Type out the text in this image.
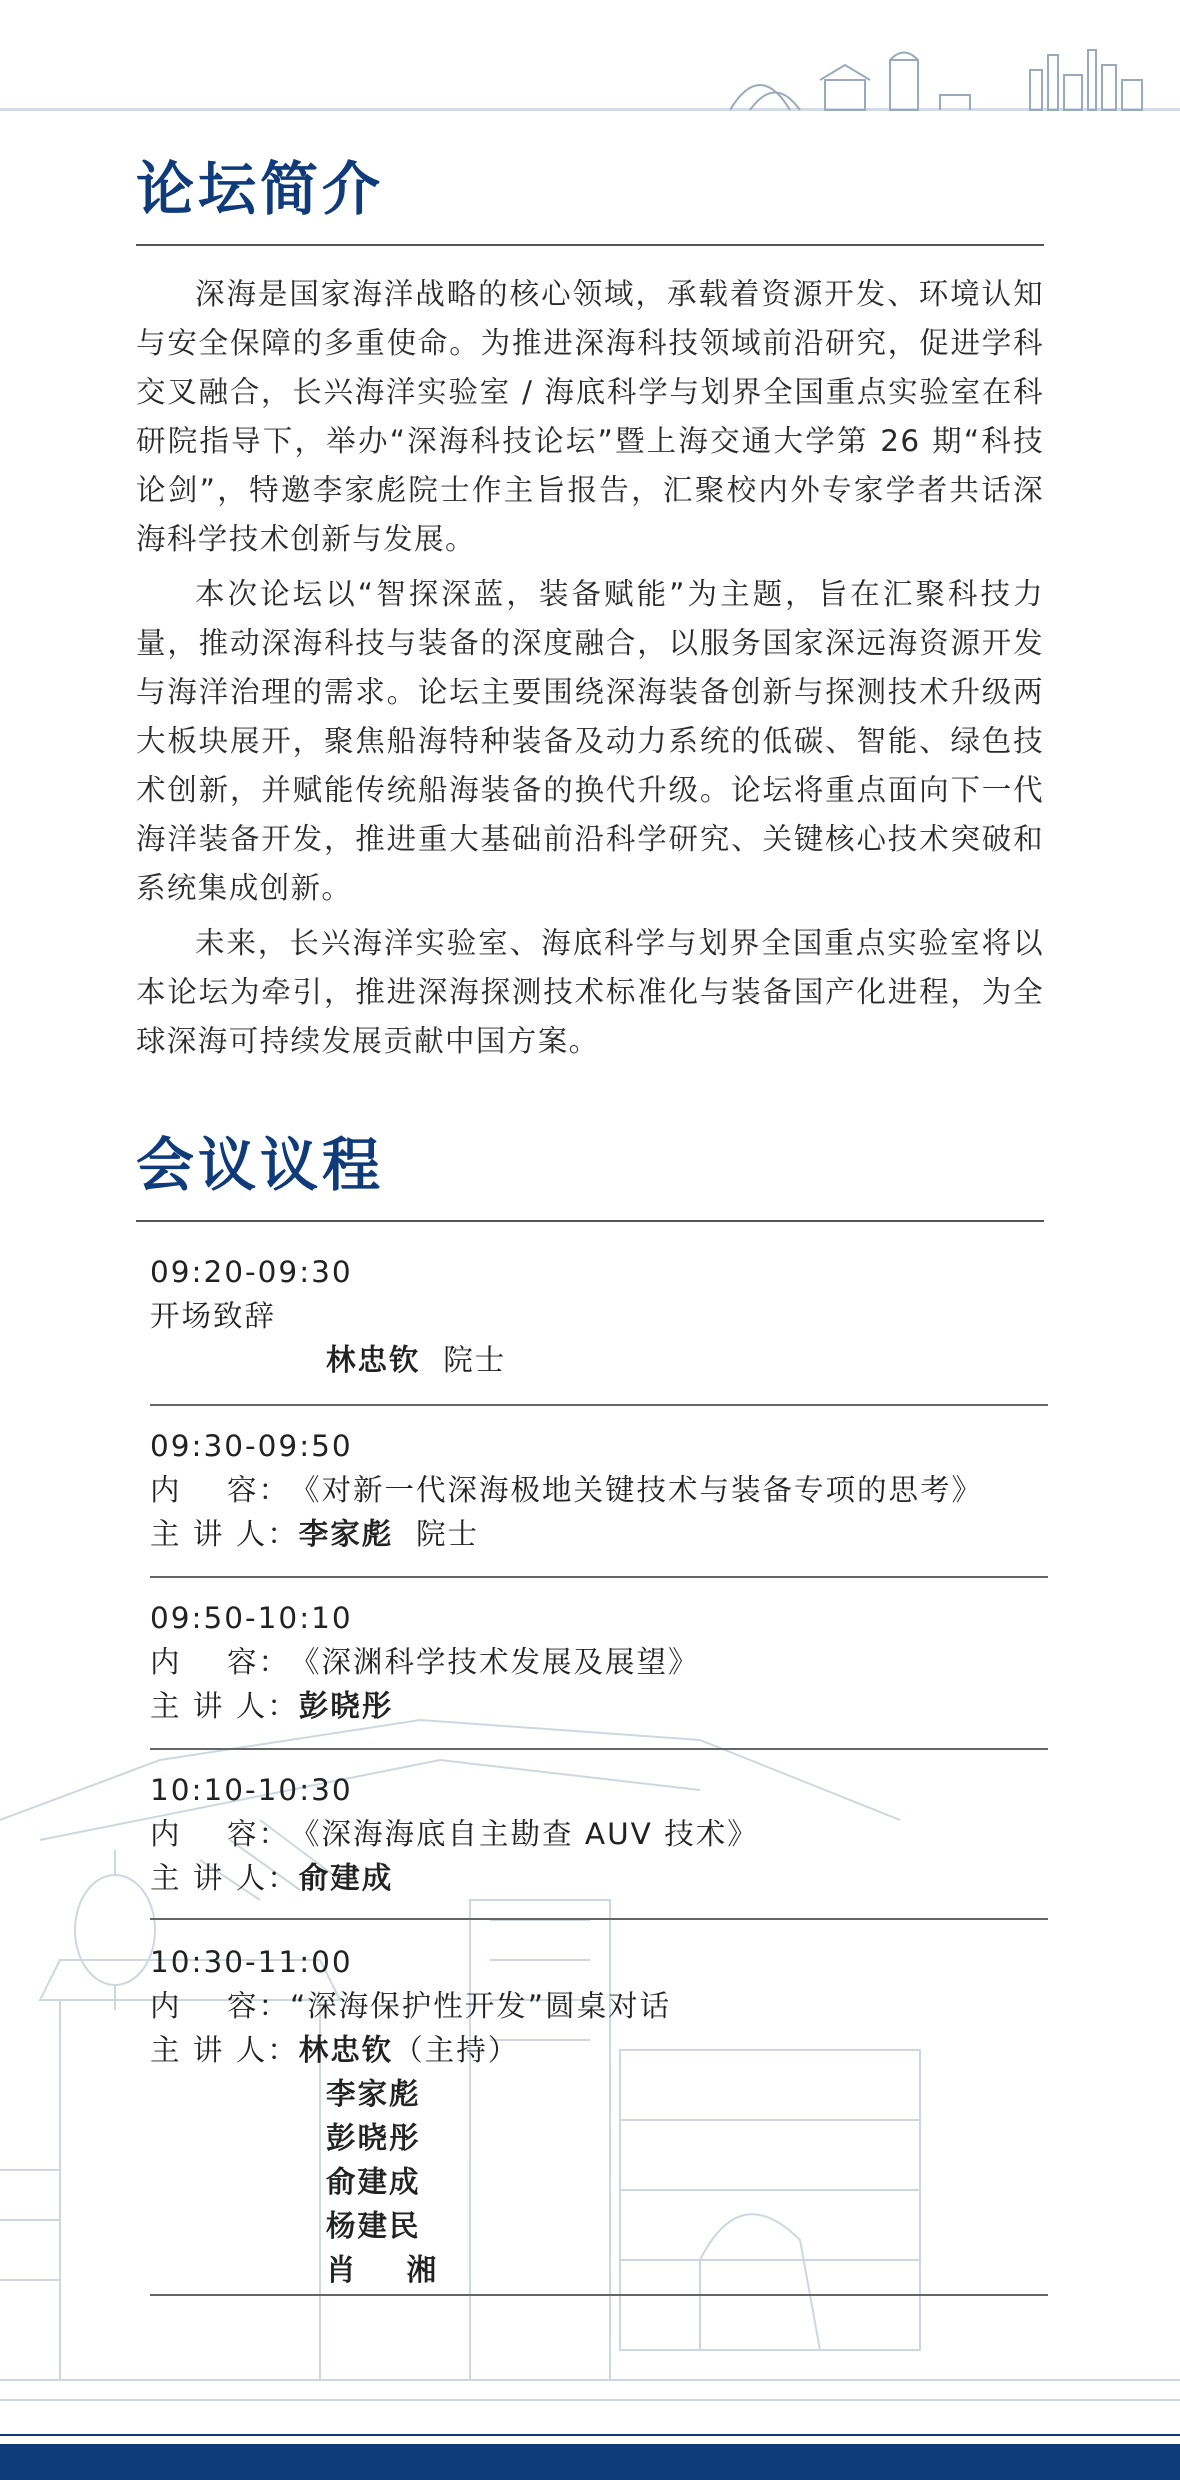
论坛简介

深海是国家海洋战略的核心领域，承载着资源开发、环境认知与安全保障的多重使命。为推进深海科技领域前沿研究，促进学科交叉融合，长兴海洋实验室 / 海底科学与划界全国重点实验室在科研院指导下，举办“深海科技论坛”暨上海交通大学第 26 期“科技论剑”，特邀李家彪院士作主旨报告，汇聚校内外专家学者共话深海科学技术创新与发展。

本次论坛以“智探深蓝，装备赋能”为主题，旨在汇聚科技力量，推动深海科技与装备的深度融合，以服务国家深远海资源开发与海洋治理的需求。论坛主要围绕深海装备创新与探测技术升级两大板块展开，聚焦船海特种装备及动力系统的低碳、智能、绿色技术创新，并赋能传统船海装备的换代升级。论坛将重点面向下一代海洋装备开发，推进重大基础前沿科学研究、关键核心技术突破和系统集成创新。

未来，长兴海洋实验室、海底科学与划界全国重点实验室将以本论坛为牵引，推进深海探测技术标准化与装备国产化进程，为全球深海可持续发展贡献中国方案。

会议议程
09:20-09:30
开场致辞
林忠钦 院士
09:30-09:50
内    容： 《对新一代深海极地关键技术与装备专项的思考》
主 讲 人： 李家彪
院士
09:50-10:10
内    容： 《深渊科学技术发展及展望》
主 讲 人： 彭晓彤
10:10-10:30
内    容： 《深海海底自主勘查 AUV 技术》
主 讲 人： 俞建成
10:30-11:00
内    容： “深海保护性开发”圆桌对话
主 讲 人： 林忠钦 （主持）
李家彪
彭晓彤
俞建成
杨建民
肖    湘
